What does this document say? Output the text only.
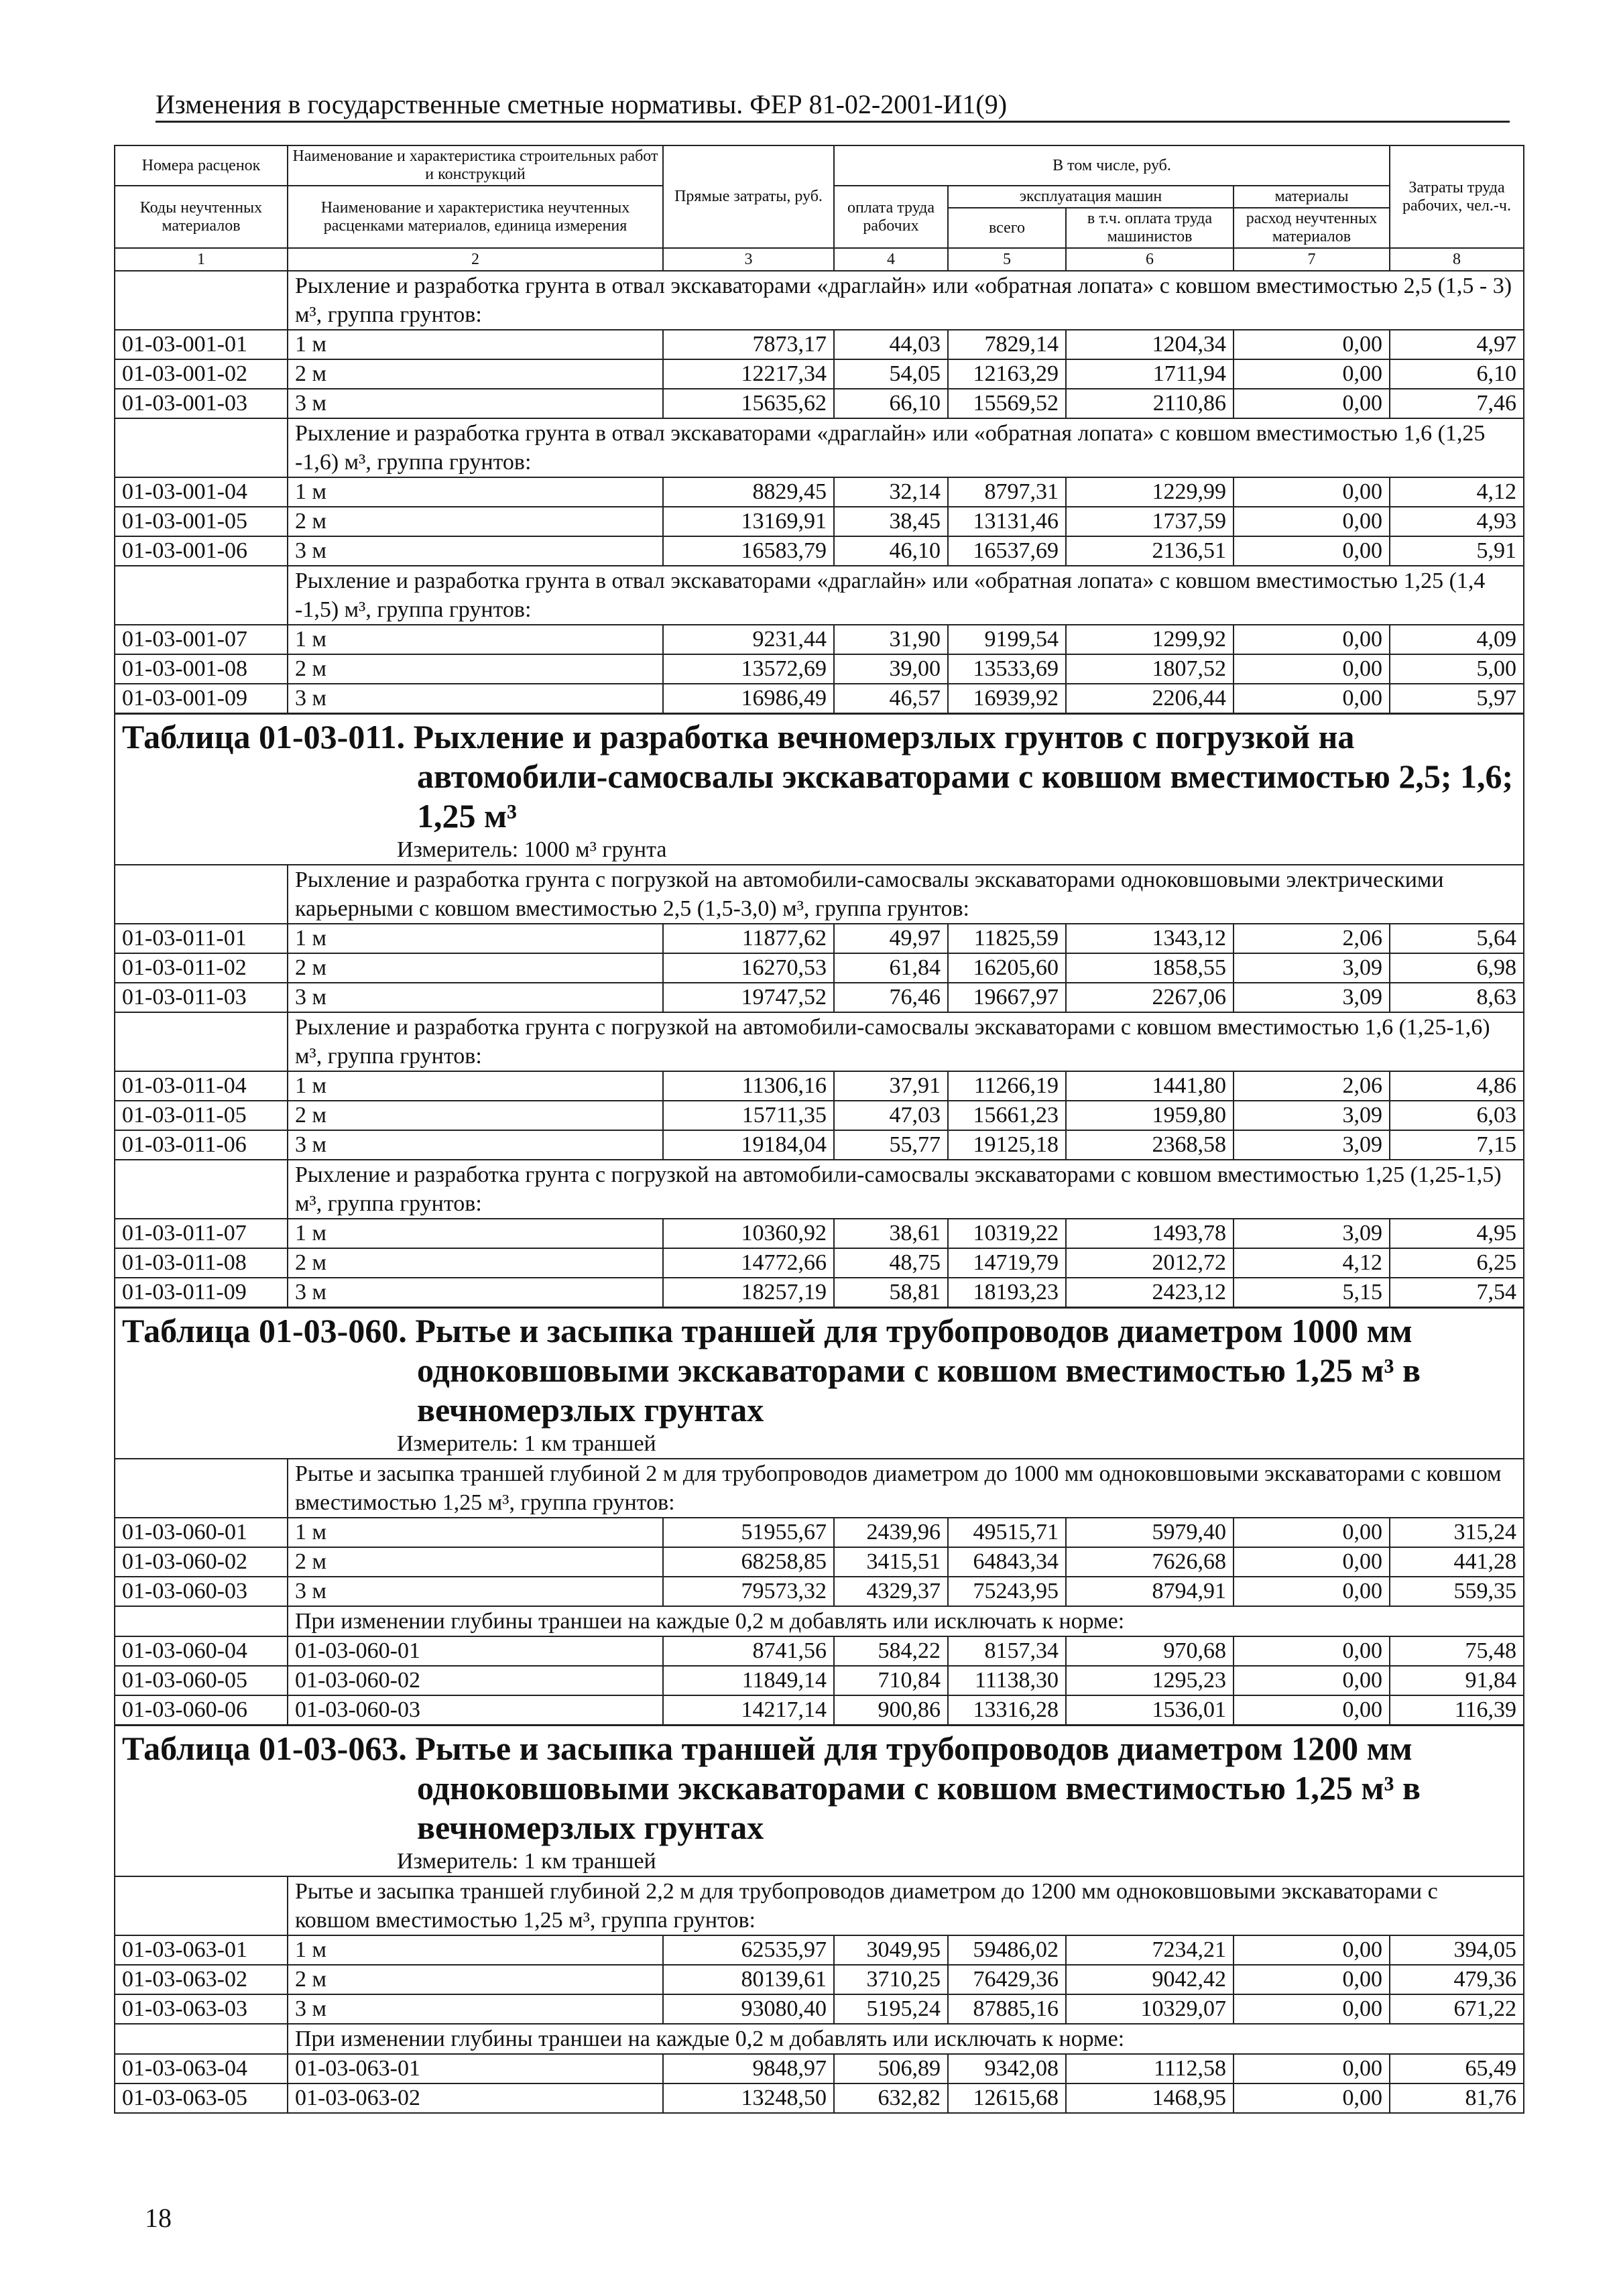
Изменения в государственные сметные нормативы. ФЕР 81-02-2001-И1(9)
Номера расценок	Наименование и характеристика строительных работ и конструкций	Прямые затраты, руб.	В том числе, руб.				Затраты труда рабочих, чел.-ч.
Коды неучтенных материалов	Наименование и характеристика неучтенных расценками материалов, единица измерения		оплата труда рабочих	эксплуатация машин		материалы	
				всего	в т.ч. оплата труда машинистов	расход неучтенных материалов	
1	2	3	4	5	6	7	8
	Рыхление и разработка грунта в отвал экскаваторами «драглайн» или «обратная лопата» с ковшом вместимостью 2,5 (1,5 - 3) м³, группа грунтов:						
01-03-001-01	1 м	7873,17	44,03	7829,14	1204,34	0,00	4,97
01-03-001-02	2 м	12217,34	54,05	12163,29	1711,94	0,00	6,10
01-03-001-03	3 м	15635,62	66,10	15569,52	2110,86	0,00	7,46
	Рыхление и разработка грунта в отвал экскаваторами «драглайн» или «обратная лопата» с ковшом вместимостью 1,6 (1,25 -1,6) м³, группа грунтов:						
01-03-001-04	1 м	8829,45	32,14	8797,31	1229,99	0,00	4,12
01-03-001-05	2 м	13169,91	38,45	13131,46	1737,59	0,00	4,93
01-03-001-06	3 м	16583,79	46,10	16537,69	2136,51	0,00	5,91
	Рыхление и разработка грунта в отвал экскаваторами «драглайн» или «обратная лопата» с ковшом вместимостью 1,25 (1,4 -1,5) м³, группа грунтов:						
01-03-001-07	1 м	9231,44	31,90	9199,54	1299,92	0,00	4,09
01-03-001-08	2 м	13572,69	39,00	13533,69	1807,52	0,00	5,00
01-03-001-09	3 м	16986,49	46,57	16939,92	2206,44	0,00	5,97

Таблица 01-03-011. Рыхление и разработка вечномерзлых грунтов с погрузкой на автомобили-самосвалы экскаваторами с ковшом вместимостью 2,5; 1,6; 1,25 м³							

Измеритель: 1000 м³ грунта							
	Рыхление и разработка грунта с погрузкой на автомобили-самосвалы экскаваторами одноковшовыми электрическими карьерными с ковшом вместимостью 2,5 (1,5-3,0) м³, группа грунтов:						
01-03-011-01	1 м	11877,62	49,97	11825,59	1343,12	2,06	5,64
01-03-011-02	2 м	16270,53	61,84	16205,60	1858,55	3,09	6,98
01-03-011-03	3 м	19747,52	76,46	19667,97	2267,06	3,09	8,63
	Рыхление и разработка грунта с погрузкой на автомобили-самосвалы экскаваторами с ковшом вместимостью 1,6 (1,25-1,6) м³, группа грунтов:						
01-03-011-04	1 м	11306,16	37,91	11266,19	1441,80	2,06	4,86
01-03-011-05	2 м	15711,35	47,03	15661,23	1959,80	3,09	6,03
01-03-011-06	3 м	19184,04	55,77	19125,18	2368,58	3,09	7,15
	Рыхление и разработка грунта с погрузкой на автомобили-самосвалы экскаваторами с ковшом вместимостью 1,25 (1,25-1,5) м³, группа грунтов:						
01-03-011-07	1 м	10360,92	38,61	10319,22	1493,78	3,09	4,95
01-03-011-08	2 м	14772,66	48,75	14719,79	2012,72	4,12	6,25
01-03-011-09	3 м	18257,19	58,81	18193,23	2423,12	5,15	7,54

Таблица 01-03-060. Рытье и засыпка траншей для трубопроводов диаметром 1000 мм одноковшовыми экскаваторами с ковшом вместимостью 1,25 м³ в вечномерзлых грунтах							

Измеритель: 1 км траншей							
	Рытье и засыпка траншей глубиной 2 м для трубопроводов диаметром до 1000 мм одноковшовыми экскаваторами с ковшом вместимостью 1,25 м³, группа грунтов:						
01-03-060-01	1 м	51955,67	2439,96	49515,71	5979,40	0,00	315,24
01-03-060-02	2 м	68258,85	3415,51	64843,34	7626,68	0,00	441,28
01-03-060-03	3 м	79573,32	4329,37	75243,95	8794,91	0,00	559,35
	При изменении глубины траншеи на каждые 0,2 м добавлять или исключать к норме:						
01-03-060-04	01-03-060-01	8741,56	584,22	8157,34	970,68	0,00	75,48
01-03-060-05	01-03-060-02	11849,14	710,84	11138,30	1295,23	0,00	91,84
01-03-060-06	01-03-060-03	14217,14	900,86	13316,28	1536,01	0,00	116,39

Таблица 01-03-063. Рытье и засыпка траншей для трубопроводов диаметром 1200 мм одноковшовыми экскаваторами с ковшом вместимостью 1,25 м³ в вечномерзлых грунтах							

Измеритель: 1 км траншей							
	Рытье и засыпка траншей глубиной 2,2 м для трубопроводов диаметром до 1200 мм одноковшовыми экскаваторами с ковшом вместимостью 1,25 м³, группа грунтов:						
01-03-063-01	1 м	62535,97	3049,95	59486,02	7234,21	0,00	394,05
01-03-063-02	2 м	80139,61	3710,25	76429,36	9042,42	0,00	479,36
01-03-063-03	3 м	93080,40	5195,24	87885,16	10329,07	0,00	671,22
	При изменении глубины траншеи на каждые 0,2 м добавлять или исключать к норме:						
01-03-063-04	01-03-063-01	9848,97	506,89	9342,08	1112,58	0,00	65,49
01-03-063-05	01-03-063-02	13248,50	632,82	12615,68	1468,95	0,00	81,76
18
